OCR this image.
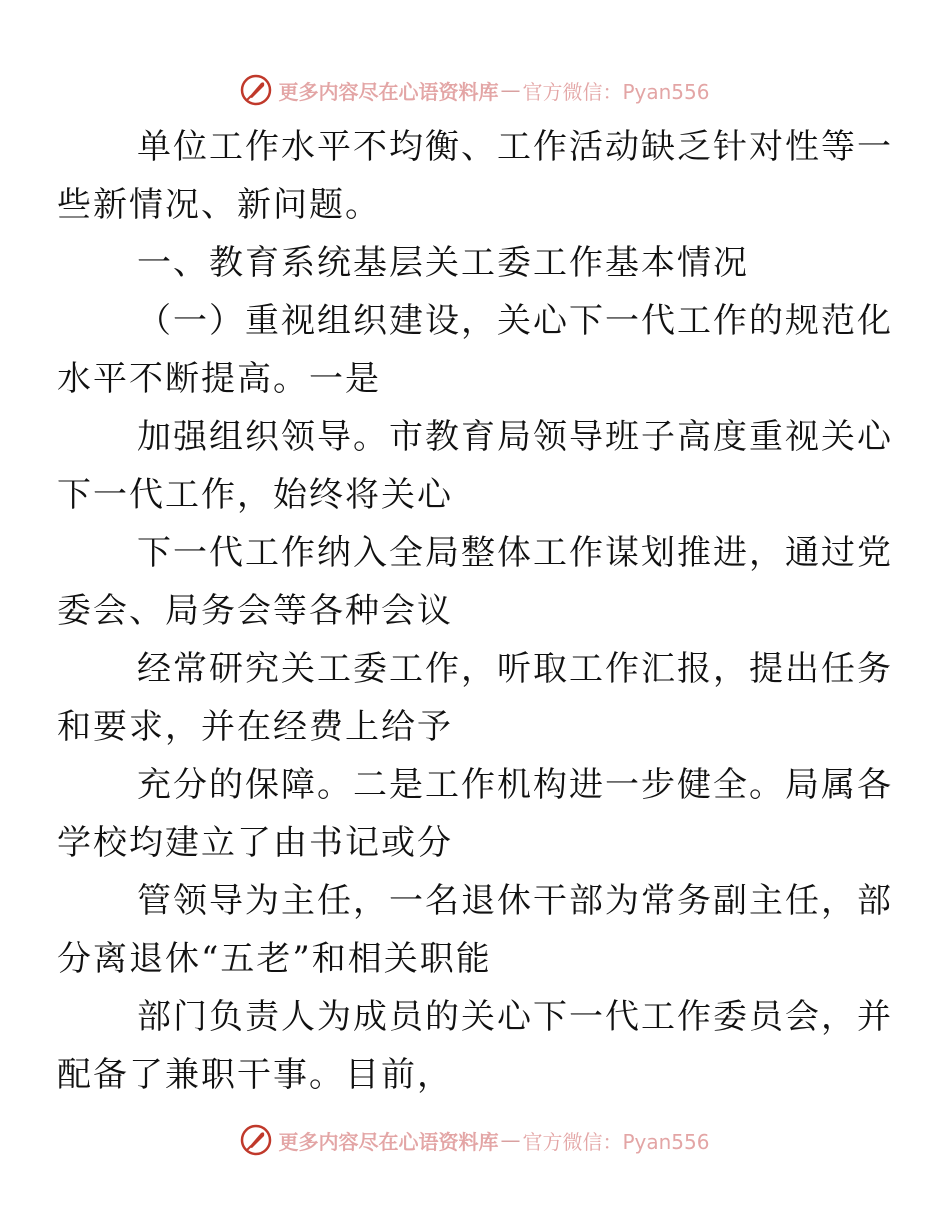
更多内容尽在心语资料库 — 官方微信：Pyan556

单位工作水平不均衡、工作活动缺乏针对性等一
些新情况、新问题。

一、教育系统基层关工委工作基本情况

（一）重视组织建设，关心下一代工作的规范化
水平不断提高。一是

加强组织领导。市教育局领导班子高度重视关心
下一代工作，始终将关心

下一代工作纳入全局整体工作谋划推进，通过党
委会、局务会等各种会议

经常研究关工委工作，听取工作汇报，提出任务
和要求，并在经费上给予

充分的保障。二是工作机构进一步健全。局属各
学校均建立了由书记或分

管领导为主任，一名退休干部为常务副主任，部
分离退休“五老”和相关职能

部门负责人为成员的关心下一代工作委员会，并
配备了兼职干事。目前，

更多内容尽在心语资料库 — 官方微信：Pyan556
